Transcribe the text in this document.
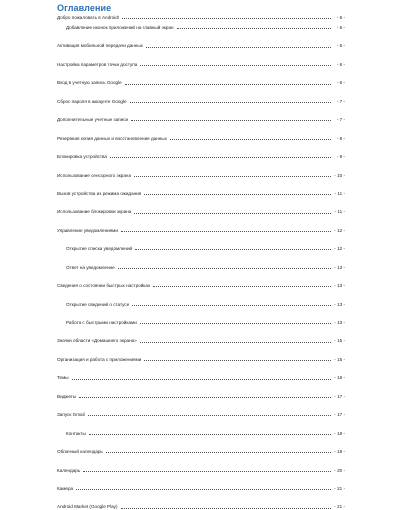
Оглавление
Добро пожаловать в Android!	- 5 -
Добавление иконок приложений на главный экран	- 5 -
Активация мобильной передачи данных	- 5 -
Настройка параметров точки доступа	- 6 -
Вход в учетную запись Google	- 6 -
Сброс пароля в аккаунте Google	- 7 -
Дополнительные учетные записи	- 7 -
Резервная копия данных и восстановление данных	- 8 -
Блокировка устройства	- 9 -
Использование сенсорного экрана	- 10 -
Вызов устройства из режима ожидания	- 11 -
Использование блокировки экрана	- 11 -
Управление уведомлениями	- 12 -
Открытие списка уведомлений	- 12 -
Ответ на уведомление	- 13 -
Сведения о состоянии быстрых настройках	- 13 -
Открытие сведений о статусе	- 13 -
Работа с быстрыми настройками	- 13 -
Значки области «Домашнего экрана»	- 15 -
Организация и работа с приложениями	- 15 -
Темы	- 16 -
Виджеты	- 17 -
Запуск Gmail	- 17 -
Контакты	- 18 -
Облачный календарь	- 19 -
Календарь	- 20 -
Камера	- 21 -
Android Market (Google Play)	- 21 -
